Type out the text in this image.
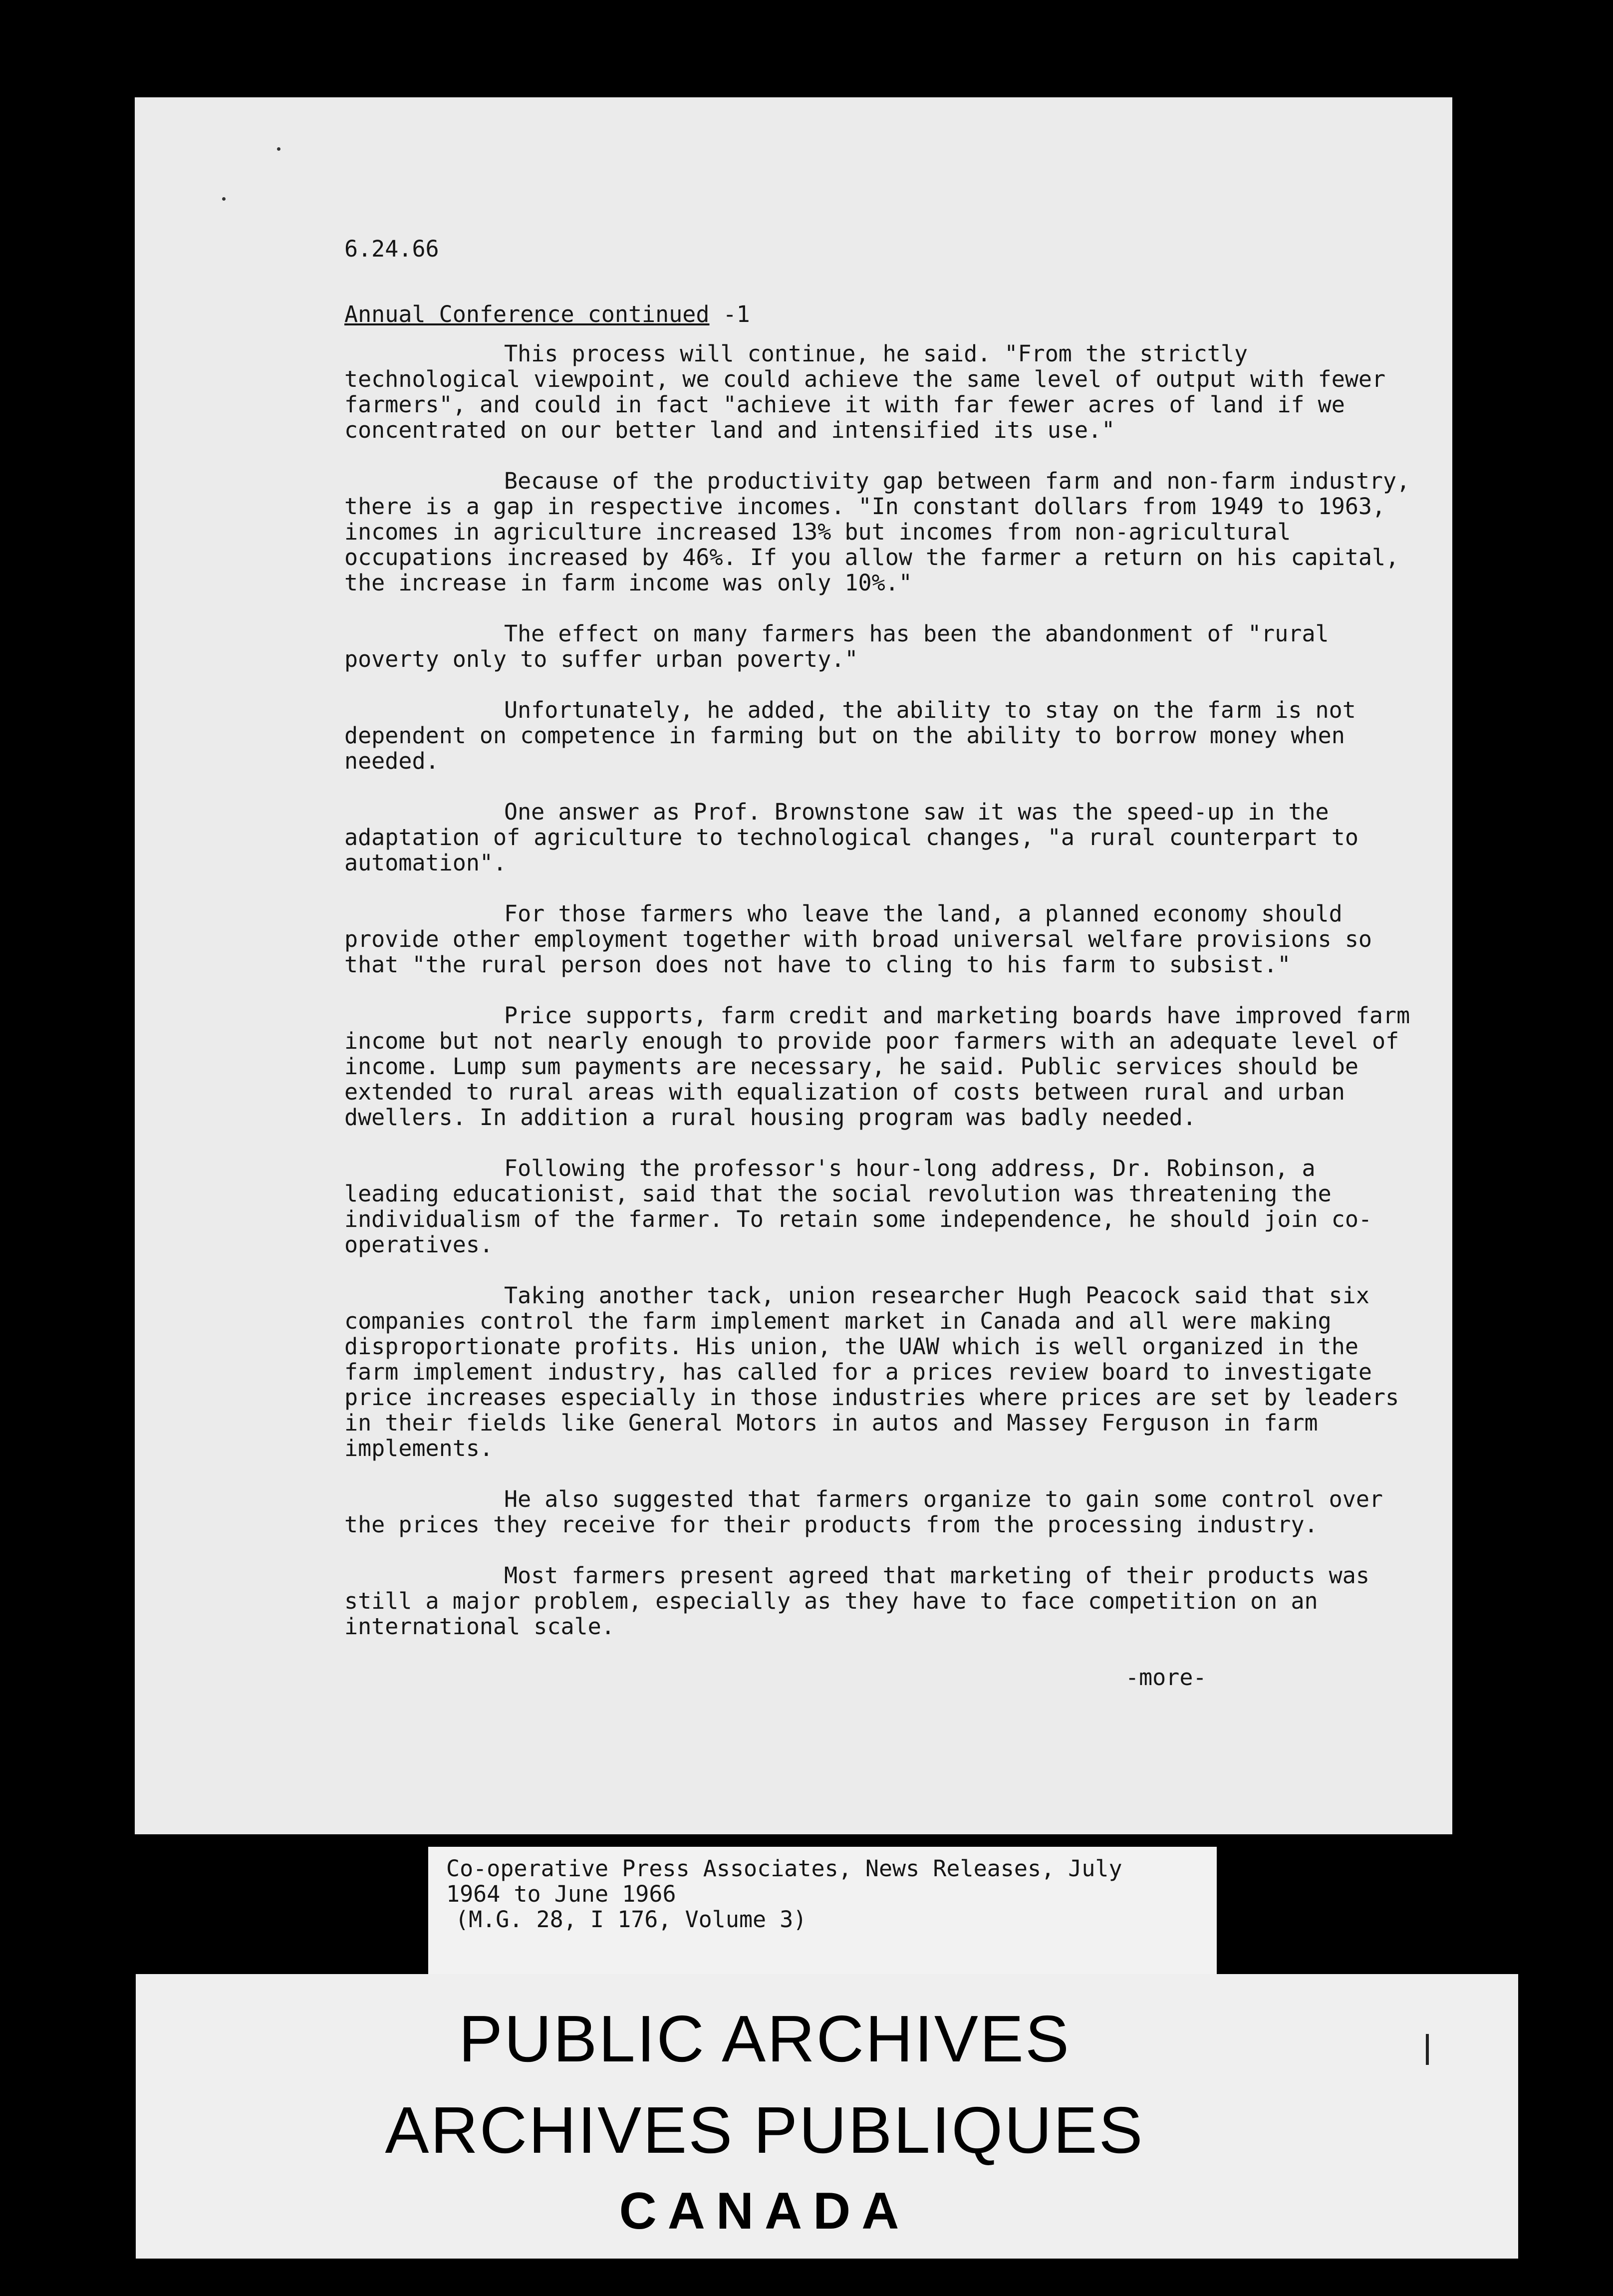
6.24.66
Annual Conference continued -1

This process will continue, he said. "From the strictly technological viewpoint, we could achieve the same level of output with fewer farmers", and could in fact "achieve it with far fewer acres of land if we concentrated on our better land and intensified its use."

Because of the productivity gap between farm and non-farm industry, there is a gap in respective incomes. "In constant dollars from 1949 to 1963, incomes in agriculture increased 13% but incomes from non-agricultural occupations increased by 46%. If you allow the farmer a return on his capital, the increase in farm income was only 10%."

The effect on many farmers has been the abandonment of "rural poverty only to suffer urban poverty."

Unfortunately, he added, the ability to stay on the farm is not dependent on competence in farming but on the ability to borrow money when needed.

One answer as Prof. Brownstone saw it was the speed-up in the adaptation of agriculture to technological changes, "a rural counterpart to automation".

For those farmers who leave the land, a planned economy should provide other employment together with broad universal welfare provisions so that "the rural person does not have to cling to his farm to subsist."

Price supports, farm credit and marketing boards have improved farm income but not nearly enough to provide poor farmers with an adequate level of income. Lump sum payments are necessary, he said. Public services should be extended to rural areas with equalization of costs between rural and urban dwellers. In addition a rural housing program was badly needed.

Following the professor's hour-long address, Dr. Robinson, a leading educationist, said that the social revolution was threatening the individualism of the farmer. To retain some independence, he should join co-operatives.

Taking another tack, union researcher Hugh Peacock said that six companies control the farm implement market in Canada and all were making disproportionate profits. His union, the UAW which is well organized in the farm implement industry, has called for a prices review board to investigate price increases especially in those industries where prices are set by leaders in their fields like General Motors in autos and Massey Ferguson in farm implements.

He also suggested that farmers organize to gain some control over the prices they receive for their products from the processing industry.

Most farmers present agreed that marketing of their products was still a major problem, especially as they have to face competition on an international scale.

-more-
Co-operative Press Associates, News Releases, July
1964 to June 1966
(M.G. 28, I 176, Volume 3)
PUBLIC ARCHIVES
ARCHIVES PUBLIQUES
CANADA
